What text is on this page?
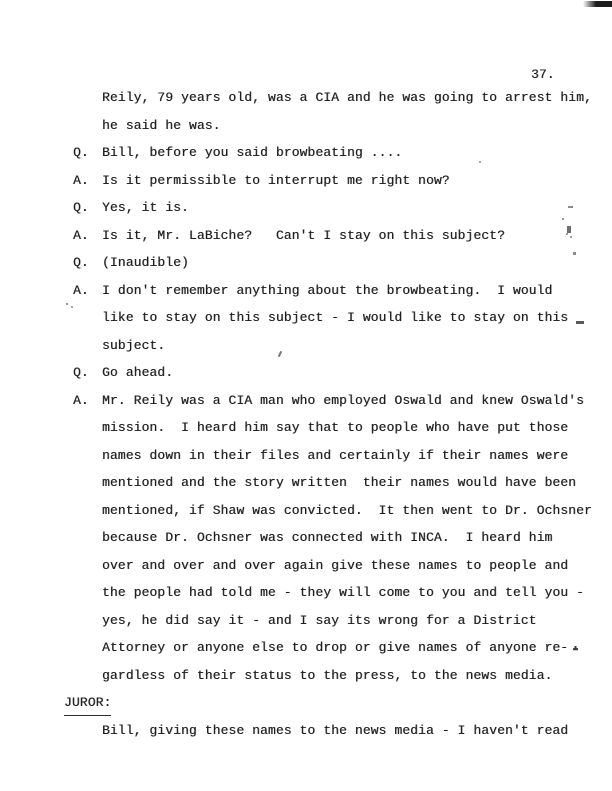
37.
Reily, 79 years old, was a CIA and he was going to arrest him,
he said he was.
Q. Bill, before you said browbeating ....
A. Is it permissible to interrupt me right now?
Q. Yes, it is.
A. Is it, Mr. LaBiche?   Can't I stay on this subject?
Q. (Inaudible)
A. I don't remember anything about the browbeating.  I would
like to stay on this subject - I would like to stay on this
subject.
Q. Go ahead.
A. Mr. Reily was a CIA man who employed Oswald and knew Oswald's
mission.  I heard him say that to people who have put those
names down in their files and certainly if their names were
mentioned and the story written  their names would have been
mentioned, if Shaw was convicted.  It then went to Dr. Ochsner
because Dr. Ochsner was connected with INCA.  I heard him
over and over and over again give these names to people and
the people had told me - they will come to you and tell you -
yes, he did say it - and I say its wrong for a District
Attorney or anyone else to drop or give names of anyone re-
gardless of their status to the press, to the news media.
JUROR:
Bill, giving these names to the news media - I haven't read
